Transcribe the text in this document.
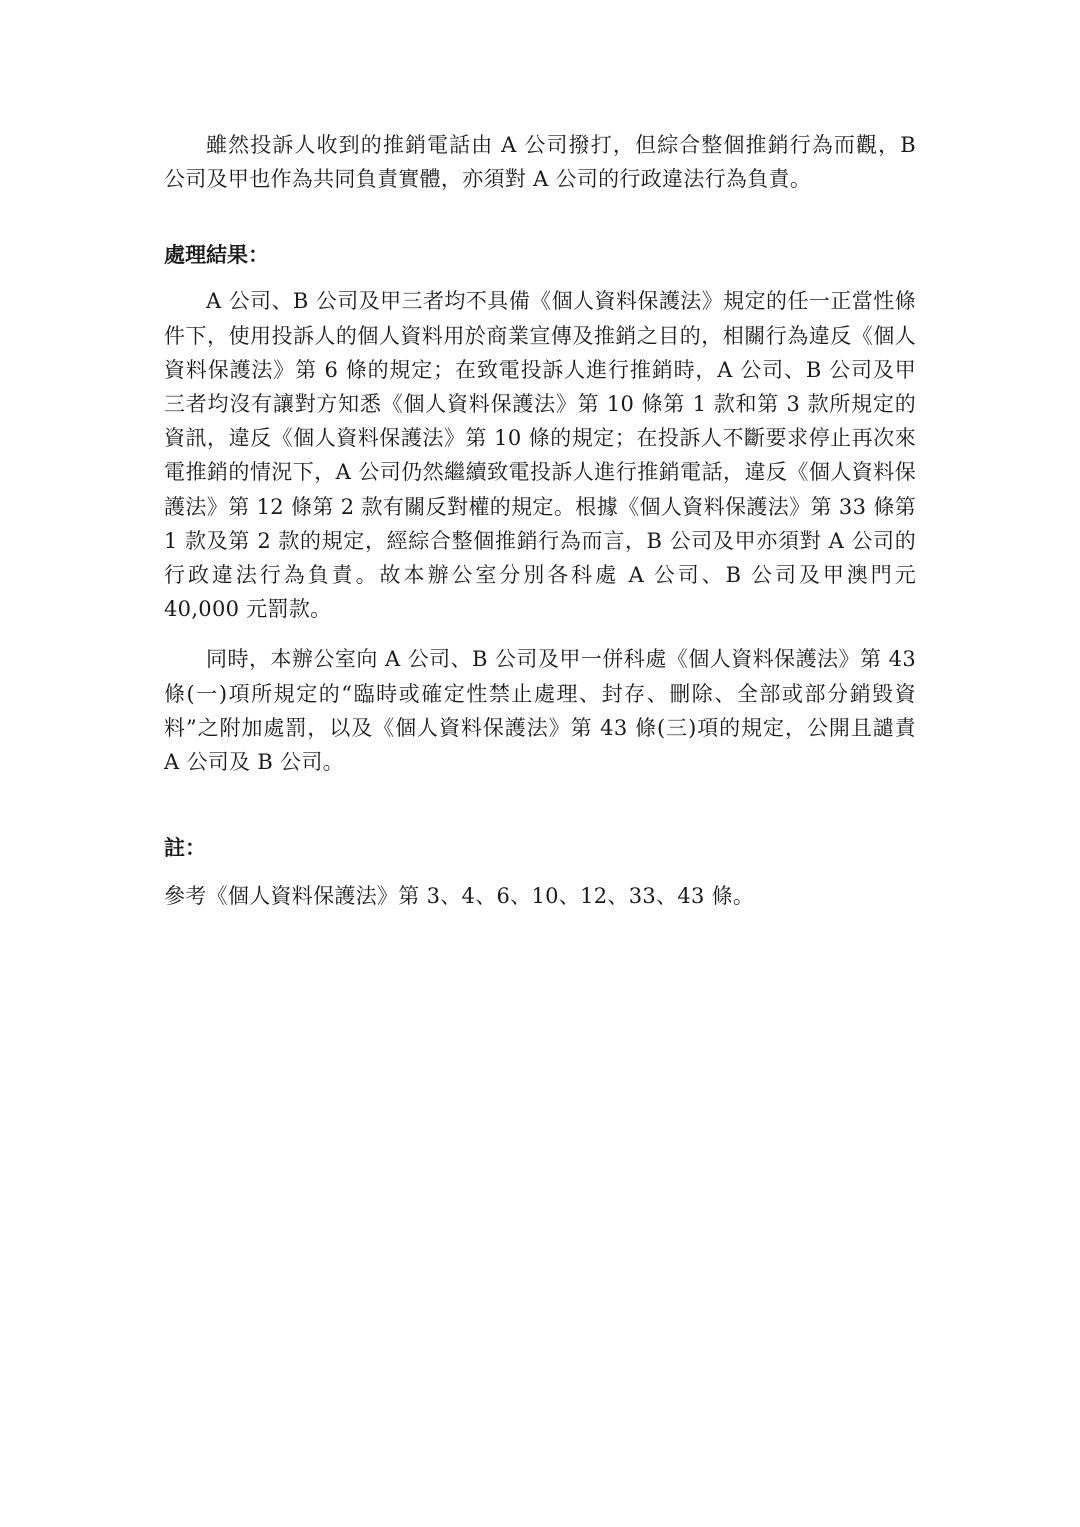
雖然投訴人收到的推銷電話由 A 公司撥打，但綜合整個推銷行為而觀，B 公司及甲也作為共同負責實體，亦須對 A 公司的行政違法行為負責。

處理結果：

A 公司、B 公司及甲三者均不具備《個人資料保護法》規定的任一正當性條件下，使用投訴人的個人資料用於商業宣傳及推銷之目的，相關行為違反《個人資料保護法》第 6 條的規定；在致電投訴人進行推銷時，A 公司、B 公司及甲三者均沒有讓對方知悉《個人資料保護法》第 10 條第 1 款和第 3 款所規定的資訊，違反《個人資料保護法》第 10 條的規定；在投訴人不斷要求停止再次來電推銷的情況下，A 公司仍然繼續致電投訴人進行推銷電話，違反《個人資料保護法》第 12 條第 2 款有關反對權的規定。根據《個人資料保護法》第 33 條第 1 款及第 2 款的規定，經綜合整個推銷行為而言，B 公司及甲亦須對 A 公司的行政違法行為負責。故本辦公室分別各科處 A 公司、B 公司及甲澳門元 40,000 元罰款。

同時，本辦公室向 A 公司、B 公司及甲一併科處《個人資料保護法》第 43 條(一)項所規定的“臨時或確定性禁止處理、封存、刪除、全部或部分銷毀資料”之附加處罰，以及《個人資料保護法》第 43 條(三)項的規定，公開且譴責 A 公司及 B 公司。

註：

參考《個人資料保護法》第 3、4、6、10、12、33、43 條。
